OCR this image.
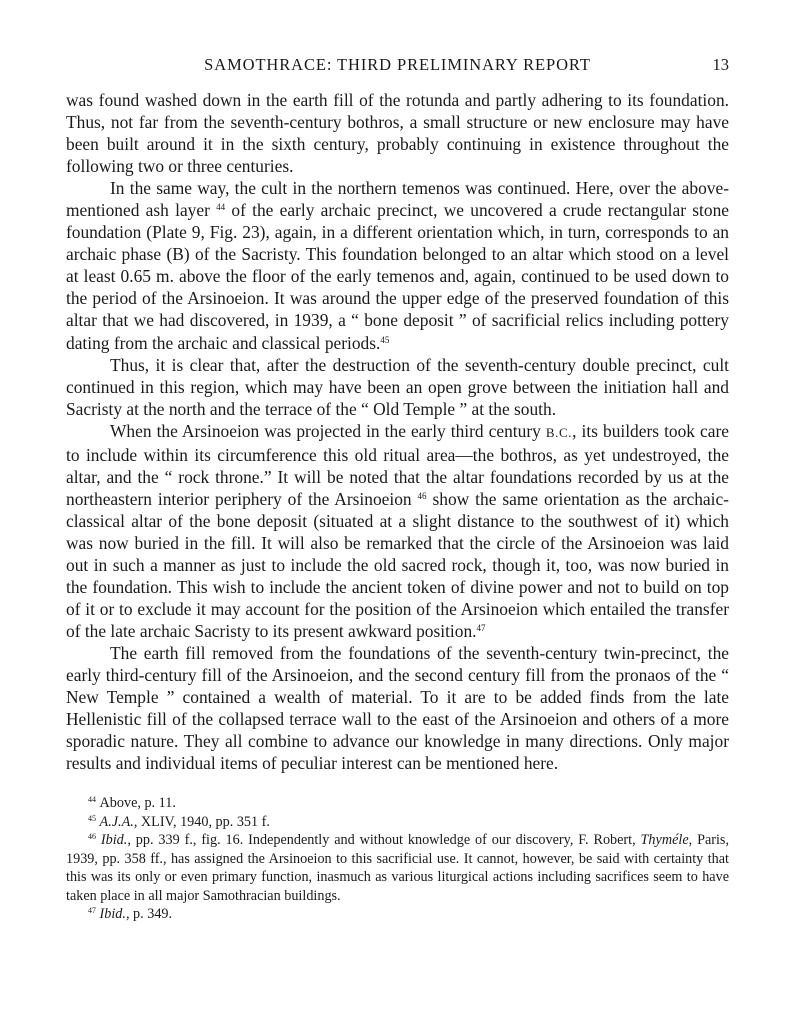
SAMOTHRACE: THIRD PRELIMINARY REPORT	13

was found washed down in the earth fill of the rotunda and partly adhering to its foundation. Thus, not far from the seventh-century bothros, a small structure or new enclosure may have been built around it in the sixth century, probably continuing in existence throughout the following two or three centuries.

In the same way, the cult in the northern temenos was continued. Here, over the above-mentioned ash layer $^{44}$ of the early archaic precinct, we uncovered a crude rectangular stone foundation (Plate 9, Fig. 23), again, in a different orientation which, in turn, corresponds to an archaic phase (B) of the Sacristy. This foundation belonged to an altar which stood on a level at least 0.65 m. above the floor of the early temenos and, again, continued to be used down to the period of the Arsinoeion. It was around the upper edge of the preserved foundation of this altar that we had discovered, in 1939, a “ bone deposit ” of sacrificial relics including pottery dating from the archaic and classical periods.$^{45}$

Thus, it is clear that, after the destruction of the seventh-century double precinct, cult continued in this region, which may have been an open grove between the initiation hall and Sacristy at the north and the terrace of the “ Old Temple ” at the south.

When the Arsinoeion was projected in the early third century B.C., its builders took care to include within its circumference this old ritual area—the bothros, as yet undestroyed, the altar, and the “ rock throne.” It will be noted that the altar foundations recorded by us at the northeastern interior periphery of the Arsinoeion $^{46}$ show the same orientation as the archaic-classical altar of the bone deposit (situated at a slight distance to the southwest of it) which was now buried in the fill. It will also be remarked that the circle of the Arsinoeion was laid out in such a manner as just to include the old sacred rock, though it, too, was now buried in the foundation. This wish to include the ancient token of divine power and not to build on top of it or to exclude it may account for the position of the Arsinoeion which entailed the transfer of the late archaic Sacristy to its present awkward position.$^{47}$

The earth fill removed from the foundations of the seventh-century twin-precinct, the early third-century fill of the Arsinoeion, and the second century fill from the pronaos of the “ New Temple ” contained a wealth of material. To it are to be added finds from the late Hellenistic fill of the collapsed terrace wall to the east of the Arsinoeion and others of a more sporadic nature. They all combine to advance our knowledge in many directions. Only major results and individual items of peculiar interest can be mentioned here.

$^{44}$ Above, p. 11.

$^{45}$ A.J.A., XLIV, 1940, pp. 351 f.

$^{46}$ Ibid., pp. 339 f., fig. 16. Independently and without knowledge of our discovery, F. Robert, Thyméle, Paris, 1939, pp. 358 ff., has assigned the Arsinoeion to this sacrificial use. It cannot, however, be said with certainty that this was its only or even primary function, inasmuch as various liturgical actions including sacrifices seem to have taken place in all major Samothracian buildings.

$^{47}$ Ibid., p. 349.
